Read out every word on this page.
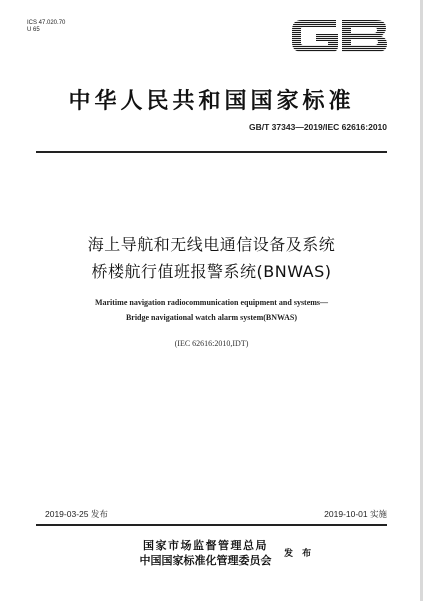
ICS 47.020.70
U 65
中华人民共和国国家标准
GB/T 37343—2019/IEC 62616:2010
海上导航和无线电通信设备及系统
桥楼航行值班报警系统(BNWAS)
Maritime navigation radiocommunication equipment and systems—
Bridge navigational watch alarm system(BNWAS)
(IEC 62616:2010,IDT)
2019-03-25 发布	2019-10-01 实施
国家市场监督管理总局
中国国家标准化管理委员会	发 布
